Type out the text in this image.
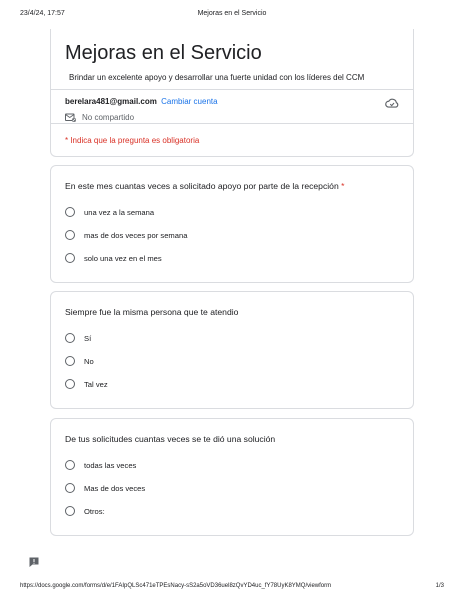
23/4/24, 17:57	Mejoras en el Servicio
Mejoras en el Servicio
Brindar un excelente apoyo y desarrollar una fuerte unidad con los líderes del CCM
berelara481@gmail.com Cambiar cuenta
No compartido
* Indica que la pregunta es obligatoria
En este mes cuantas veces a solicitado apoyo por parte de la recepción *
una vez a la semana
mas de dos veces por semana
solo una vez en el mes
Siempre fue la misma persona que te atendio
Sí
No
Tal vez
De tus solicitudes cuantas veces se te dió una solución
todas las veces
Mas de dos veces
Otros:
https://docs.google.com/forms/d/e/1FAIpQLSc471eTPEsNacy-sS2a5oVD36uel8zQvYD4uc_fY78UyK8YMQ/viewform	1/3
